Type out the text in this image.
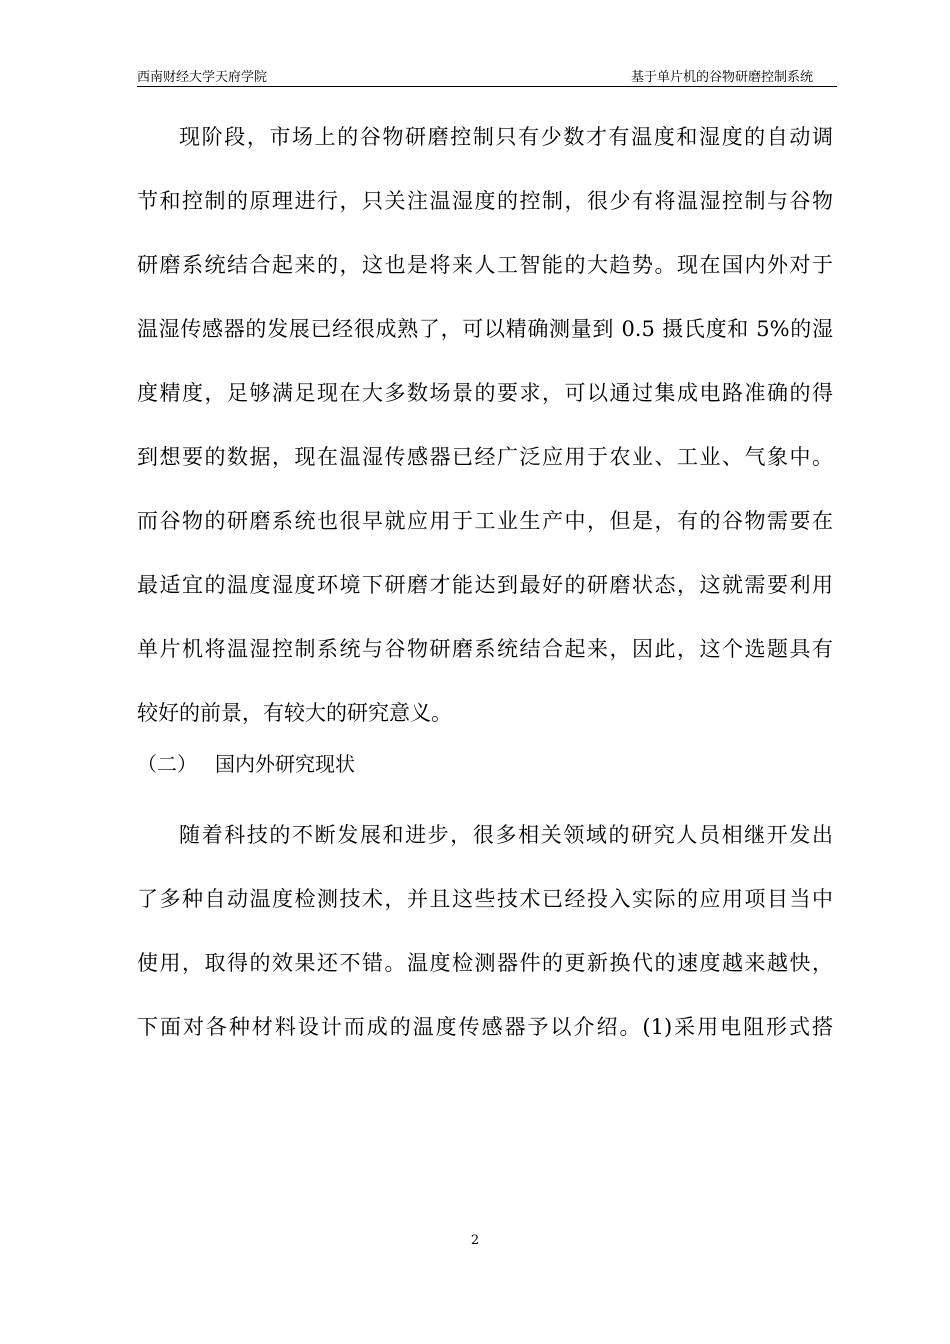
西南财经大学天府学院	基于单片机的谷物研磨控制系统
现阶段，市场上的谷物研磨控制只有少数才有温度和湿度的自动调
节和控制的原理进行，只关注温湿度的控制，很少有将温湿控制与谷物
研磨系统结合起来的，这也是将来人工智能的大趋势。现在国内外对于
温湿传感器的发展已经很成熟了，可以精确测量到 0.5 摄氏度和 5%的湿
度精度，足够满足现在大多数场景的要求，可以通过集成电路准确的得
到想要的数据，现在温湿传感器已经广泛应用于农业、工业、气象中。
而谷物的研磨系统也很早就应用于工业生产中，但是，有的谷物需要在
最适宜的温度湿度环境下研磨才能达到最好的研磨状态，这就需要利用
单片机将温湿控制系统与谷物研磨系统结合起来，因此，这个选题具有
较好的前景，有较大的研究意义。
（二） 国内外研究现状
随着科技的不断发展和进步，很多相关领域的研究人员相继开发出
了多种自动温度检测技术，并且这些技术已经投入实际的应用项目当中
使用，取得的效果还不错。温度检测器件的更新换代的速度越来越快，
下面对各种材料设计而成的温度传感器予以介绍。(1)采用电阻形式搭
2
